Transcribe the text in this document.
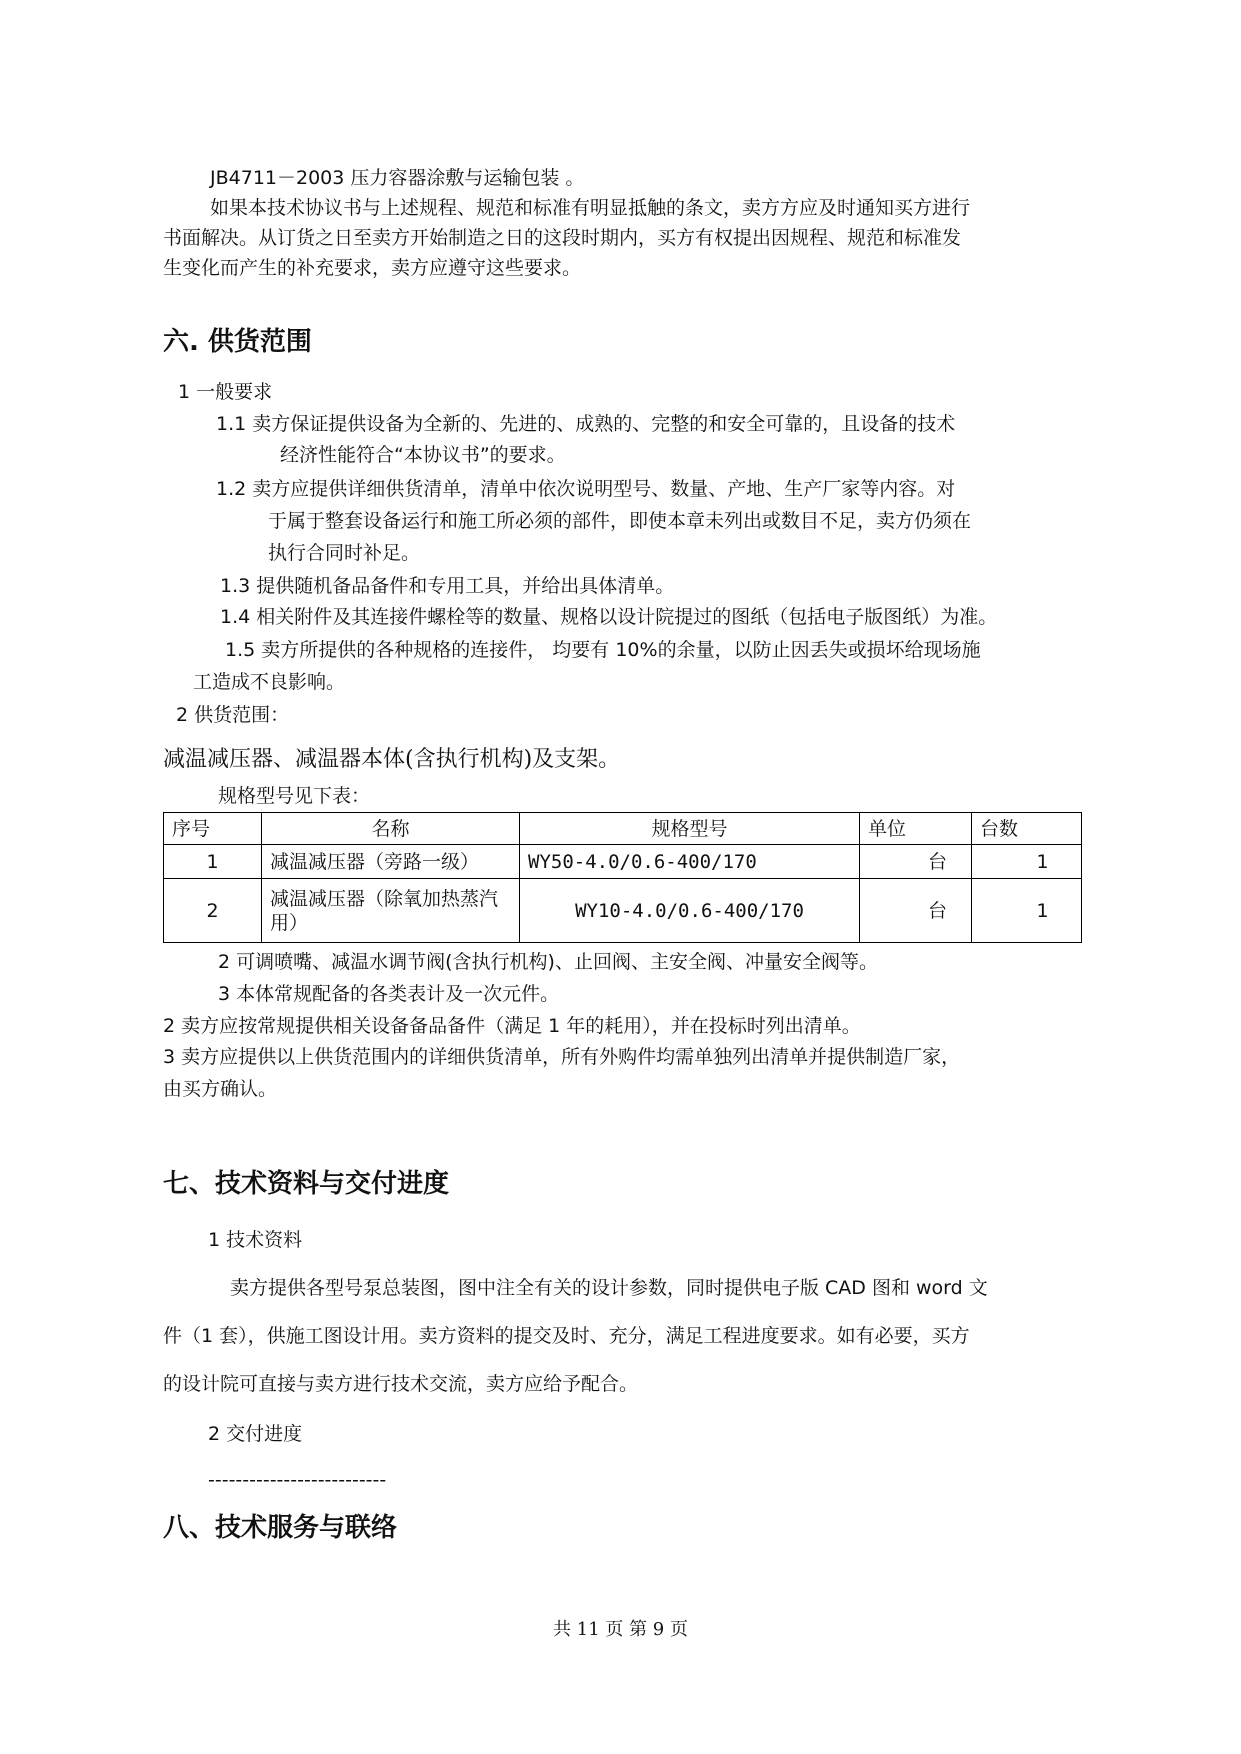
JB4711－2003 压力容器涂敷与运输包装 。

如果本技术协议书与上述规程、规范和标准有明显抵触的条文，卖方方应及时通知买方进行

书面解决。从订货之日至卖方开始制造之日的这段时期内，买方有权提出因规程、规范和标准发

生变化而产生的补充要求，卖方应遵守这些要求。

六. 供货范围

1 一般要求

1.1 卖方保证提供设备为全新的、先进的、成熟的、完整的和安全可靠的，且设备的技术

经济性能符合“本协议书”的要求。

1.2 卖方应提供详细供货清单，清单中依次说明型号、数量、产地、生产厂家等内容。对

于属于整套设备运行和施工所必须的部件，即使本章未列出或数目不足，卖方仍须在

执行合同时补足。

1.3 提供随机备品备件和专用工具，并给出具体清单。

1.4 相关附件及其连接件螺栓等的数量、规格以设计院提过的图纸（包括电子版图纸）为准。

1.5 卖方所提供的各种规格的连接件， 均要有 10%的余量，以防止因丢失或损坏给现场施

工造成不良影响。

2 供货范围：

减温减压器、减温器本体(含执行机构)及支架。

规格型号见下表：

序号	名称	规格型号	单位	台数
1	减温减压器（旁路一级）	WY50-4.0/0.6-400/170	台	1
2	减温减压器（除氧加热蒸汽用）	WY10-4.0/0.6-400/170	台	1

2 可调喷嘴、减温水调节阀(含执行机构)、止回阀、主安全阀、冲量安全阀等。

3 本体常规配备的各类表计及一次元件。

2 卖方应按常规提供相关设备备品备件（满足 1 年的耗用），并在投标时列出清单。

3 卖方应提供以上供货范围内的详细供货清单，所有外购件均需单独列出清单并提供制造厂家，

由买方确认。

七、技术资料与交付进度

1 技术资料

卖方提供各型号泵总装图，图中注全有关的设计参数，同时提供电子版 CAD 图和 word 文

件（1 套），供施工图设计用。卖方资料的提交及时、充分，满足工程进度要求。如有必要，买方

的设计院可直接与卖方进行技术交流，卖方应给予配合。

2 交付进度

--------------------------

八、技术服务与联络
共 11 页 第 9 页
